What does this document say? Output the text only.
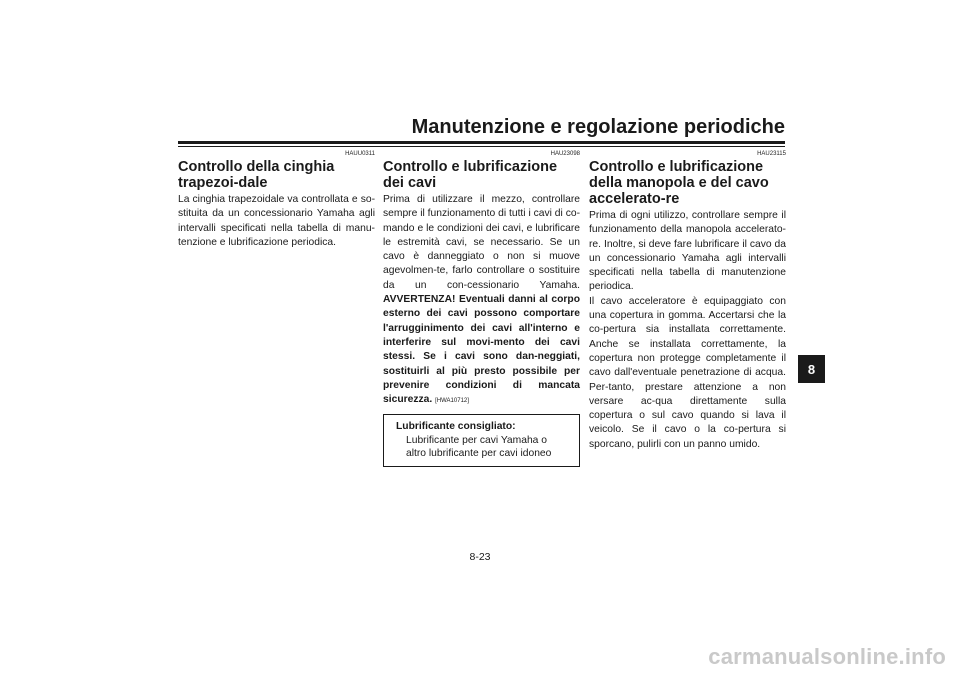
Manutenzione e regolazione periodiche
HAUU0311
Controllo della cinghia trapezoi-dale

La cinghia trapezoidale va controllata e so-stituita da un concessionario Yamaha agli intervalli specificati nella tabella di manu-tenzione e lubrificazione periodica.

HAU23098
Controllo e lubrificazione dei cavi

Prima di utilizzare il mezzo, controllare sempre il funzionamento di tutti i cavi di co-mando e le condizioni dei cavi, e lubrificare le estremità cavi, se necessario. Se un cavo è danneggiato o non si muove agevolmen-te, farlo controllare o sostituire da un con-cessionario Yamaha. AVVERTENZA! Eventuali danni al corpo esterno dei cavi possono comportare l'arrugginimento dei cavi all'interno e interferire sul movi-mento dei cavi stessi. Se i cavi sono dan-neggiati, sostituirli al più presto possibile per prevenire condizioni di mancata sicurezza. [HWA10712]

Lubrificante consigliato:
Lubrificante per cavi Yamaha o altro lubrificante per cavi idoneo
HAU23115
Controllo e lubrificazione della manopola e del cavo accelerato-re

Prima di ogni utilizzo, controllare sempre il funzionamento della manopola accelerato-re. Inoltre, si deve fare lubrificare il cavo da un concessionario Yamaha agli intervalli specificati nella tabella di manutenzione periodica.

Il cavo acceleratore è equipaggiato con una copertura in gomma. Accertarsi che la co-pertura sia installata correttamente. Anche se installata correttamente, la copertura non protegge completamente il cavo dall'eventuale penetrazione di acqua. Per-tanto, prestare attenzione a non versare ac-qua direttamente sulla copertura o sul cavo quando si lava il veicolo. Se il cavo o la co-pertura si sporcano, pulirli con un panno umido.

8
8-23
carmanualsonline.info
